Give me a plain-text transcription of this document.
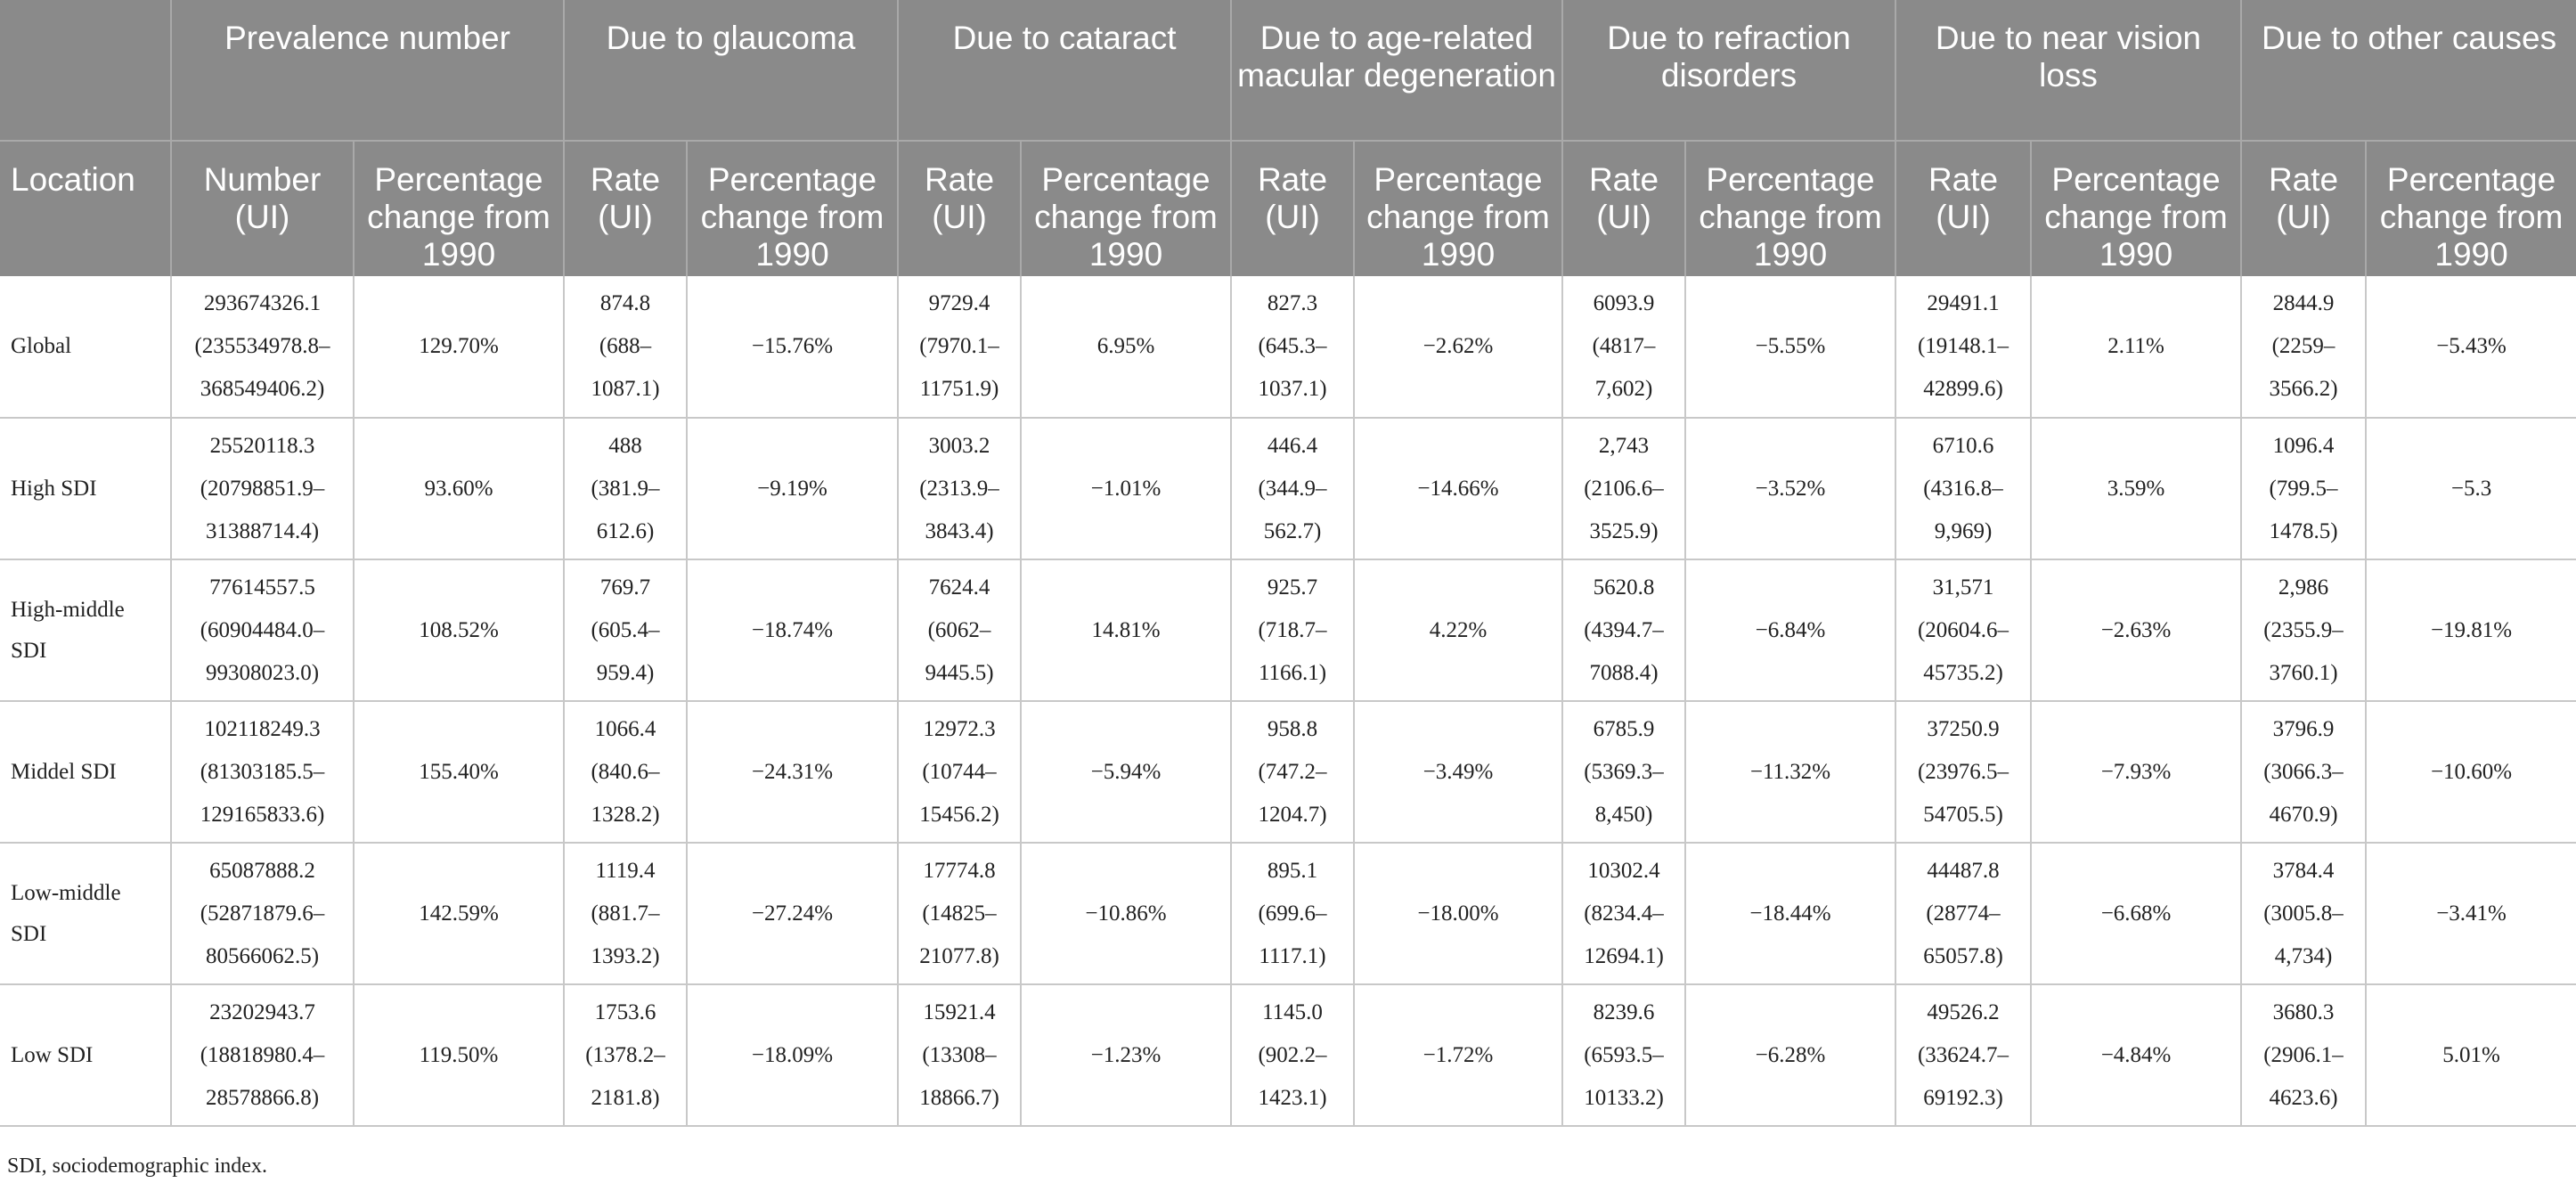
	Prevalence number		Due to glaucoma		Due to cataract		Due to age-related macular degeneration		Due to refraction disorders		Due to near vision loss		Due to other causes	
Location	Number (UI)	Percentage change from 1990	Rate (UI)	Percentage change from 1990	Rate (UI)	Percentage change from 1990	Rate (UI)	Percentage change from 1990	Rate (UI)	Percentage change from 1990	Rate (UI)	Percentage change from 1990	Rate (UI)	Percentage change from 1990

Global	293674326.1
(235534978.8–
368549406.2)	129.70%	874.8
(688–
1087.1)	−15.76%	9729.4
(7970.1–
11751.9)	6.95%	827.3
(645.3–
1037.1)	−2.62%	6093.9
(4817–
7,602)	−5.55%	29491.1
(19148.1–
42899.6)	2.11%	2844.9
(2259–
3566.2)	−5.43%

High SDI	25520118.3
(20798851.9–
31388714.4)	93.60%	488
(381.9–
612.6)	−9.19%	3003.2
(2313.9–
3843.4)	−1.01%	446.4
(344.9–
562.7)	−14.66%	2,743
(2106.6–
3525.9)	−3.52%	6710.6
(4316.8–
9,969)	3.59%	1096.4
(799.5–
1478.5)	−5.3

High-middle
SDI	77614557.5
(60904484.0–
99308023.0)	108.52%	769.7
(605.4–
959.4)	−18.74%	7624.4
(6062–
9445.5)	14.81%	925.7
(718.7–
1166.1)	4.22%	5620.8
(4394.7–
7088.4)	−6.84%	31,571
(20604.6–
45735.2)	−2.63%	2,986
(2355.9–
3760.1)	−19.81%

Middel SDI	102118249.3
(81303185.5–
129165833.6)	155.40%	1066.4
(840.6–
1328.2)	−24.31%	12972.3
(10744–
15456.2)	−5.94%	958.8
(747.2–
1204.7)	−3.49%	6785.9
(5369.3–
8,450)	−11.32%	37250.9
(23976.5–
54705.5)	−7.93%	3796.9
(3066.3–
4670.9)	−10.60%

Low-middle
SDI	65087888.2
(52871879.6–
80566062.5)	142.59%	1119.4
(881.7–
1393.2)	−27.24%	17774.8
(14825–
21077.8)	−10.86%	895.1
(699.6–
1117.1)	−18.00%	10302.4
(8234.4–
12694.1)	−18.44%	44487.8
(28774–
65057.8)	−6.68%	3784.4
(3005.8–
4,734)	−3.41%

Low SDI	23202943.7
(18818980.4–
28578866.8)	119.50%	1753.6
(1378.2–
2181.8)	−18.09%	15921.4
(13308–
18866.7)	−1.23%	1145.0
(902.2–
1423.1)	−1.72%	8239.6
(6593.5–
10133.2)	−6.28%	49526.2
(33624.7–
69192.3)	−4.84%	3680.3
(2906.1–
4623.6)	5.01%
SDI, sociodemographic index.
